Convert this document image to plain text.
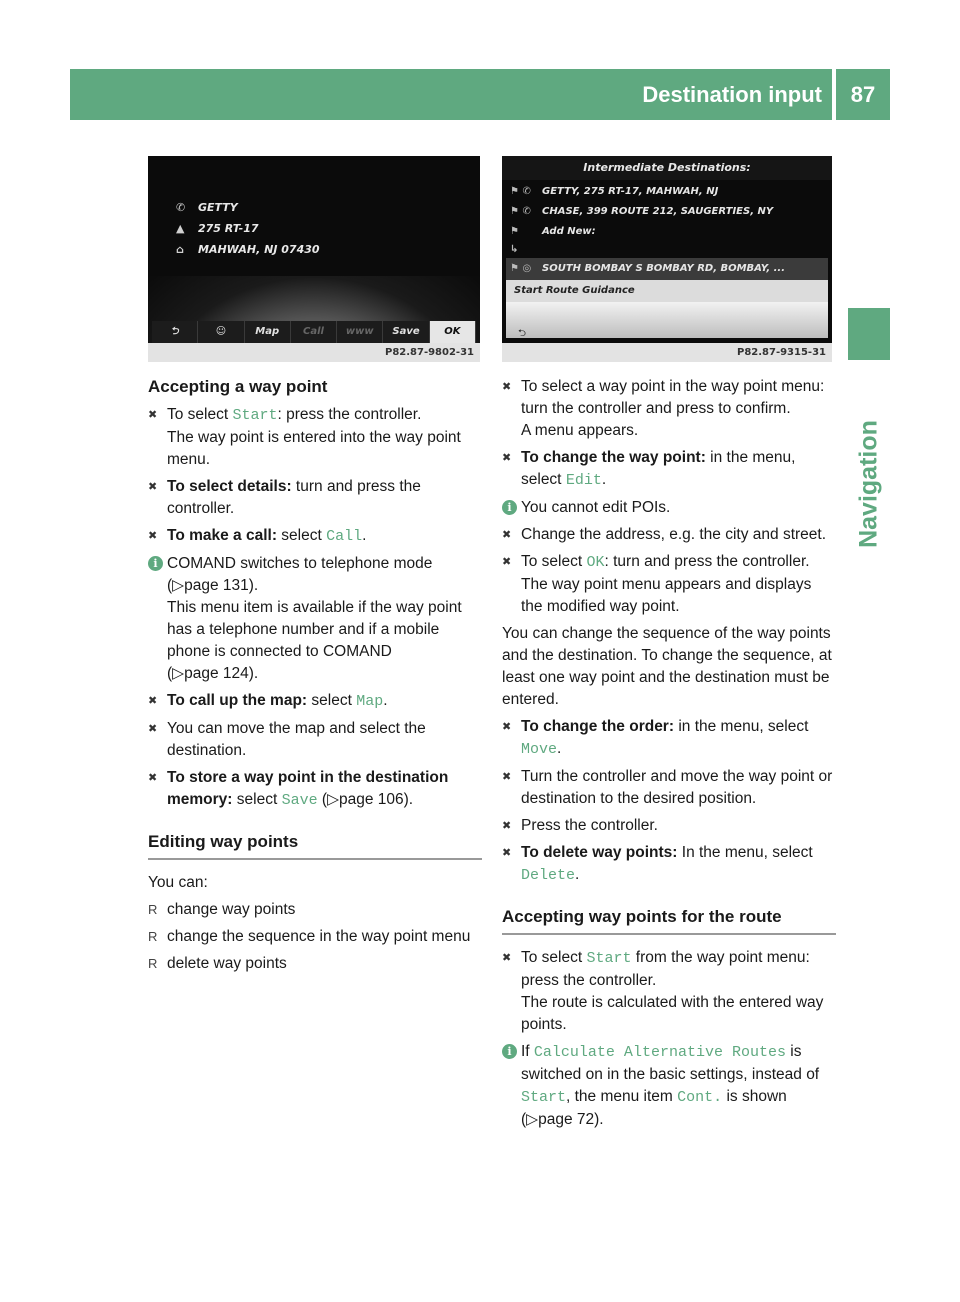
Destination input	87
Navigation
✆ GETTY
▲ 275 RT-17
⌂ MAHWAH, NJ 07430
⮌	☺	Map	Call	www	Save	OK
P82.87-9802-31
Intermediate Destinations:
⚑ ✆ GETTY, 275 RT-17, MAHWAH, NJ
⚑ ✆ CHASE, 399 ROUTE 212, SAUGERTIES, NY
⚑ Add New:
↳
⚑ ◎ SOUTH BOMBAY S BOMBAY RD, BOMBAY, ...
Start Route Guidance
⮌
P82.87-9315-31
Accepting a way point
✖ To select Start: press the controller.
The way point is entered into the way point menu.
✖ To select details: turn and press the controller.
✖ To make a call: select Call.
i COMAND switches to telephone mode
(▷ page 131).
This menu item is available if the way point has a telephone number and if a mobile phone is connected to COMAND
(▷ page 124).
✖ To call up the map: select Map.
✖ You can move the map and select the destination.
✖ To store a way point in the destination memory: select Save (▷ page 106).
Editing way points

You can:

R change way points
R change the sequence in the way point menu
R delete way points
✖ To select a way point in the way point menu: turn the controller and press to confirm.
A menu appears.
✖ To change the way point: in the menu, select Edit.
i You cannot edit POIs.
✖ Change the address, e.g. the city and street.
✖ To select OK: turn and press the controller.
The way point menu appears and displays the modified way point.

You can change the sequence of the way points and the destination. To change the sequence, at least one way point and the destination must be entered.

✖ To change the order: in the menu, select Move.
✖ Turn the controller and move the way point or destination to the desired position.
✖ Press the controller.
✖ To delete way points: In the menu, select Delete.
Accepting way points for the route
✖ To select Start from the way point menu: press the controller.
The route is calculated with the entered way points.
i If Calculate Alternative Routes is switched on in the basic settings, instead of Start, the menu item Cont. is shown
(▷ page 72).
